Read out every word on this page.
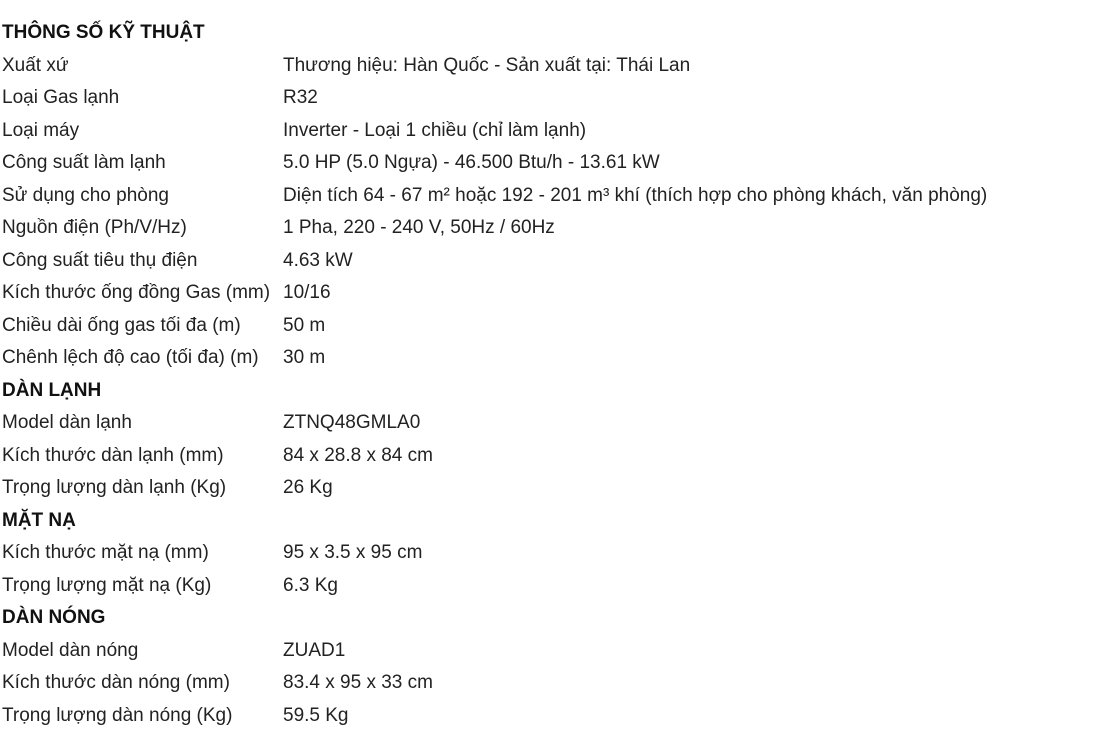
THÔNG SỐ KỸ THUẬT	
Xuất xứ	Thương hiệu: Hàn Quốc - Sản xuất tại: Thái Lan
Loại Gas lạnh	R32
Loại máy	Inverter - Loại 1 chiều (chỉ làm lạnh)
Công suất làm lạnh	5.0 HP (5.0 Ngựa) - 46.500 Btu/h - 13.61 kW
Sử dụng cho phòng	Diện tích 64 - 67 m² hoặc 192 - 201 m³ khí (thích hợp cho phòng khách, văn phòng)
Nguồn điện (Ph/V/Hz)	1 Pha, 220 - 240 V, 50Hz / 60Hz
Công suất tiêu thụ điện	4.63 kW
Kích thước ống đồng Gas (mm)	10/16
Chiều dài ống gas tối đa (m)	50 m
Chênh lệch độ cao (tối đa) (m)	30 m
DÀN LẠNH	
Model dàn lạnh	ZTNQ48GMLA0
Kích thước dàn lạnh (mm)	84 x 28.8 x 84 cm
Trọng lượng dàn lạnh (Kg)	26 Kg
MẶT NẠ	
Kích thước mặt nạ (mm)	95 x 3.5 x 95 cm
Trọng lượng mặt nạ (Kg)	6.3 Kg
DÀN NÓNG	
Model dàn nóng	ZUAD1
Kích thước dàn nóng (mm)	83.4 x 95 x 33 cm
Trọng lượng dàn nóng (Kg)	59.5 Kg
